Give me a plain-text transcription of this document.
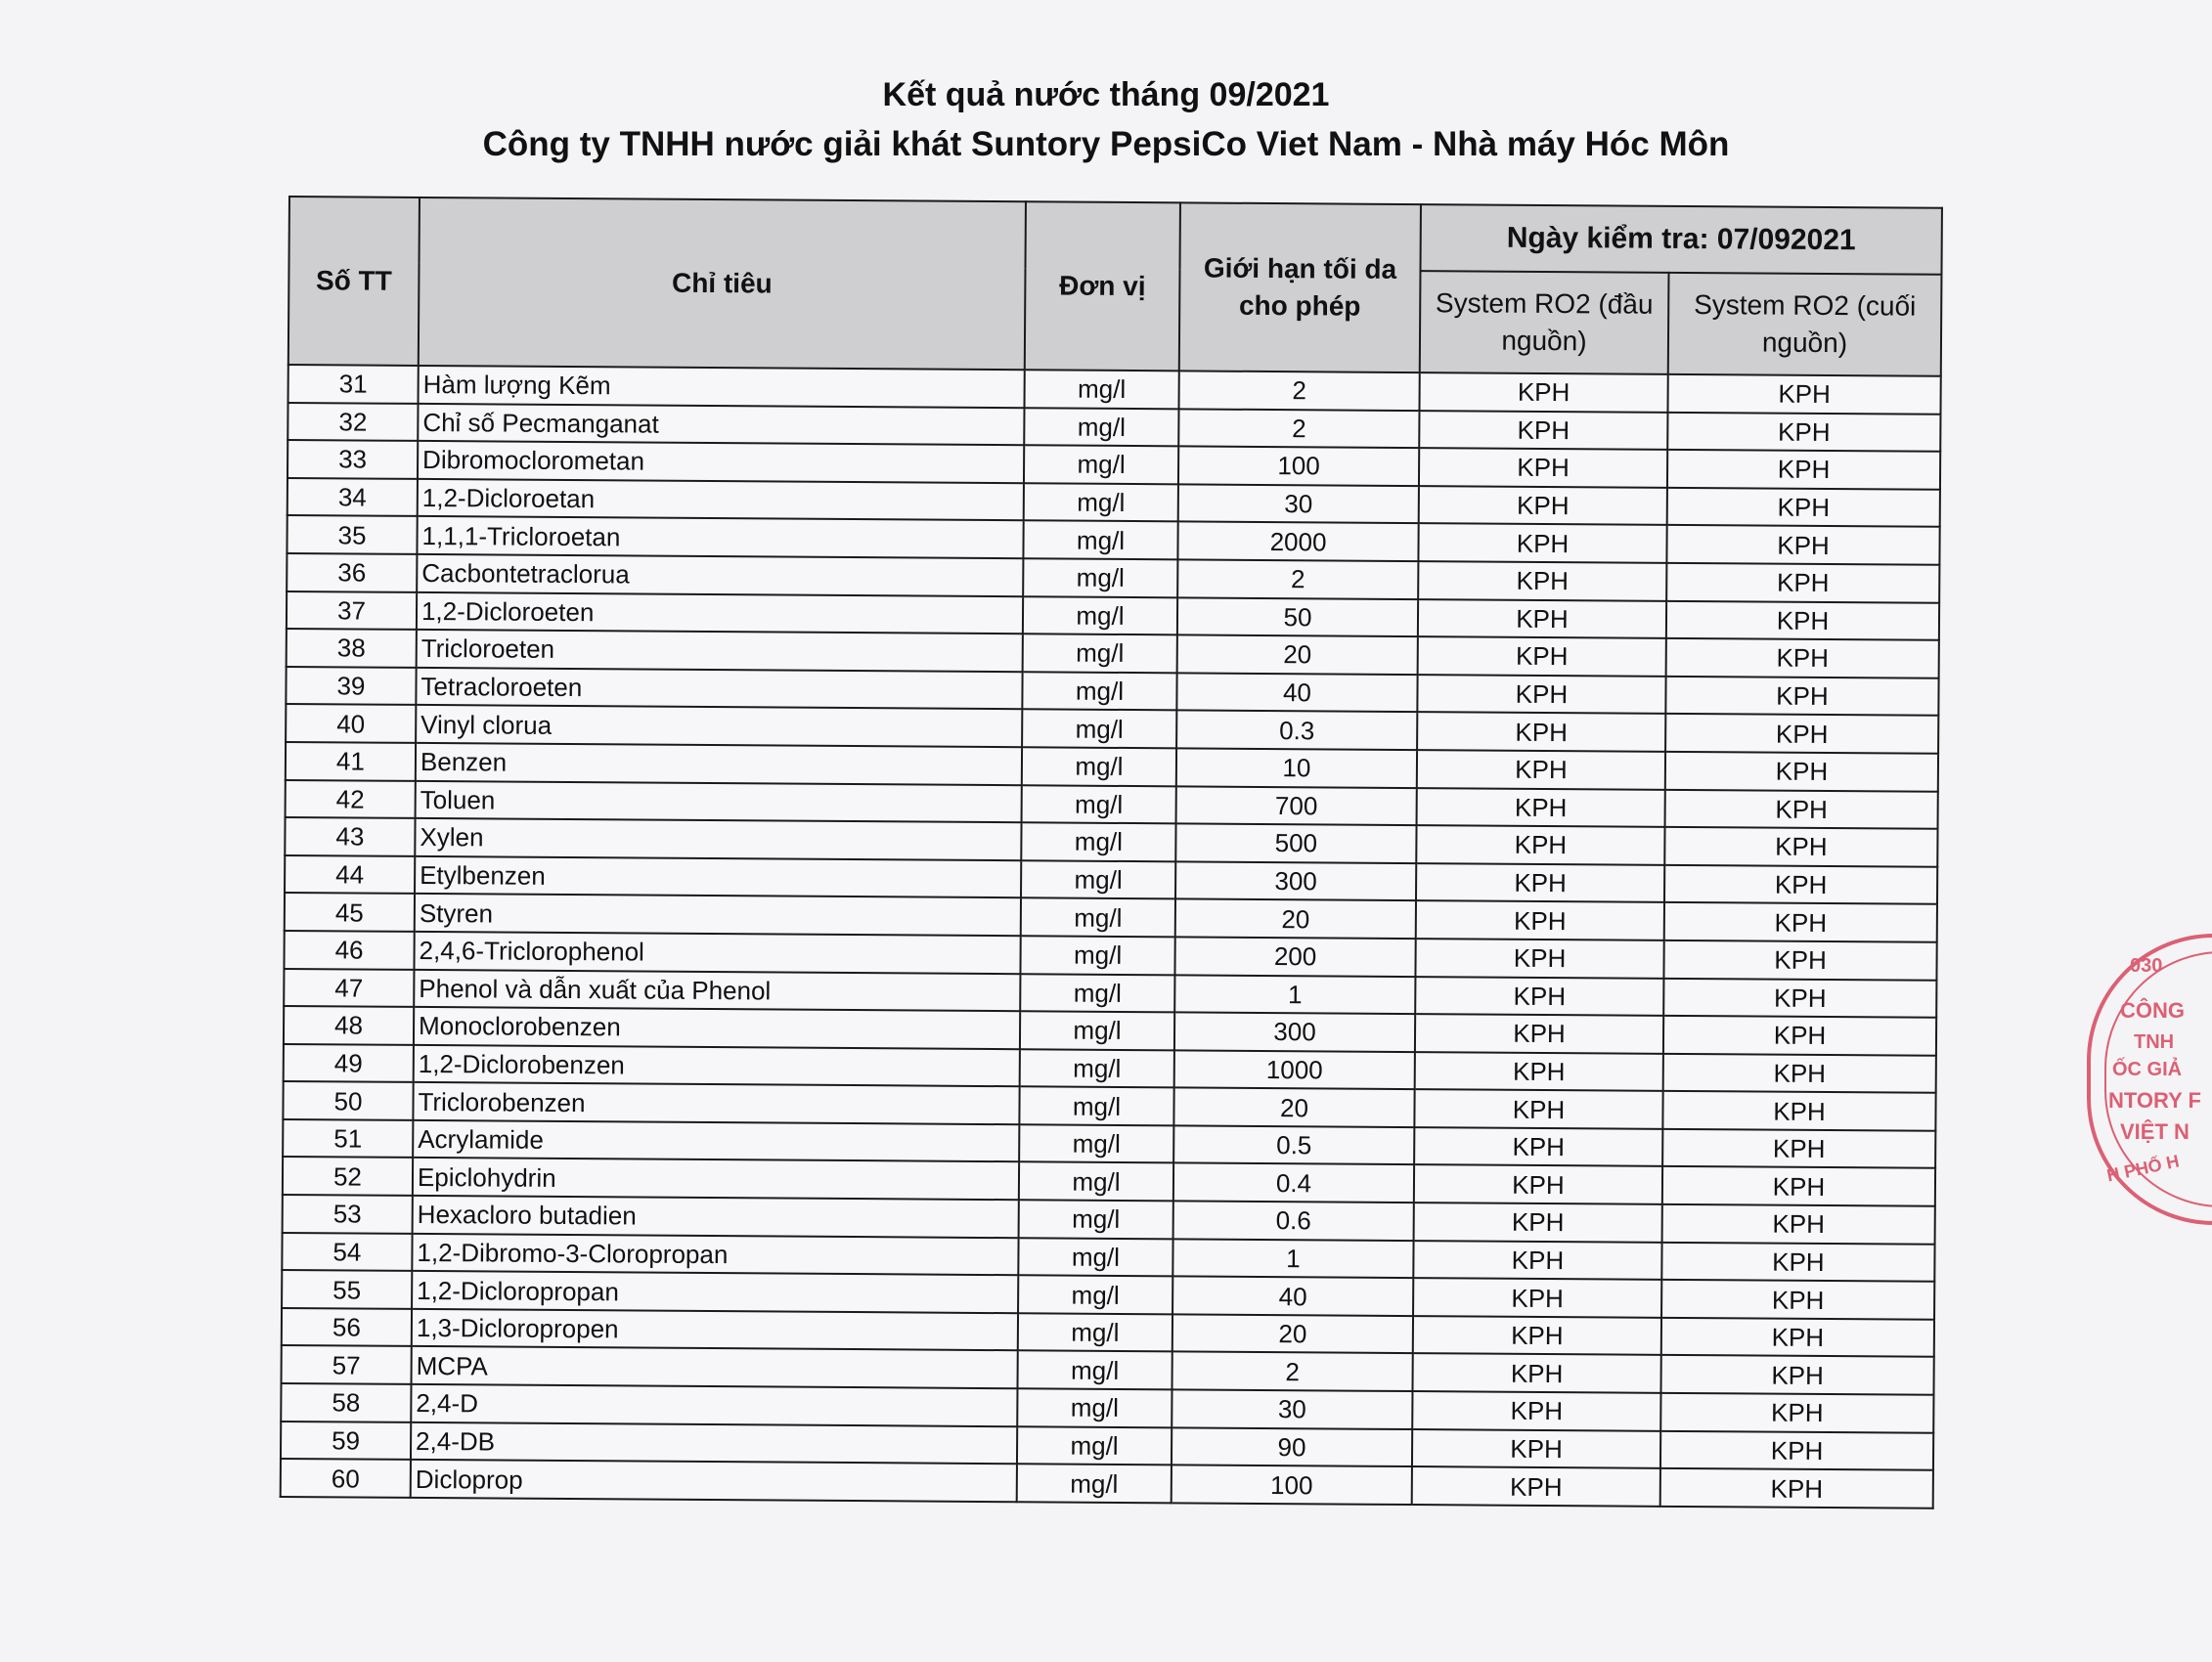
Kết quả nước tháng 09/2021
Công ty TNHH nước giải khát Suntory PepsiCo Viet Nam - Nhà máy Hóc Môn
Số TT	Chỉ tiêu	Đơn vị	Giới hạn tối da cho phép	Ngày kiểm tra: 07/092021	
				System RO2 (đầu nguồn)	System RO2 (cuối nguồn)
31	Hàm lượng Kẽm	mg/l	2	KPH	KPH
32	Chỉ số Pecmanganat	mg/l	2	KPH	KPH
33	Dibromoclorometan	mg/l	100	KPH	KPH
34	1,2-Dicloroetan	mg/l	30	KPH	KPH
35	1,1,1-Tricloroetan	mg/l	2000	KPH	KPH
36	Cacbontetraclorua	mg/l	2	KPH	KPH
37	1,2-Dicloroeten	mg/l	50	KPH	KPH
38	Tricloroeten	mg/l	20	KPH	KPH
39	Tetracloroeten	mg/l	40	KPH	KPH
40	Vinyl clorua	mg/l	0.3	KPH	KPH
41	Benzen	mg/l	10	KPH	KPH
42	Toluen	mg/l	700	KPH	KPH
43	Xylen	mg/l	500	KPH	KPH
44	Etylbenzen	mg/l	300	KPH	KPH
45	Styren	mg/l	20	KPH	KPH
46	2,4,6-Triclorophenol	mg/l	200	KPH	KPH
47	Phenol và dẫn xuất của Phenol	mg/l	1	KPH	KPH
48	Monoclorobenzen	mg/l	300	KPH	KPH
49	1,2-Diclorobenzen	mg/l	1000	KPH	KPH
50	Triclorobenzen	mg/l	20	KPH	KPH
51	Acrylamide	mg/l	0.5	KPH	KPH
52	Epiclohydrin	mg/l	0.4	KPH	KPH
53	Hexacloro butadien	mg/l	0.6	KPH	KPH
54	1,2-Dibromo-3-Cloropropan	mg/l	1	KPH	KPH
55	1,2-Dicloropropan	mg/l	40	KPH	KPH
56	1,3-Dicloropropen	mg/l	20	KPH	KPH
57	MCPA	mg/l	2	KPH	KPH
58	2,4-D	mg/l	30	KPH	KPH
59	2,4-DB	mg/l	90	KPH	KPH
60	Dicloprop	mg/l	100	KPH	KPH
030
CÔNG
TNH
ỐC GIẢ
NTORY F
VIỆT N
H PHỐ H
